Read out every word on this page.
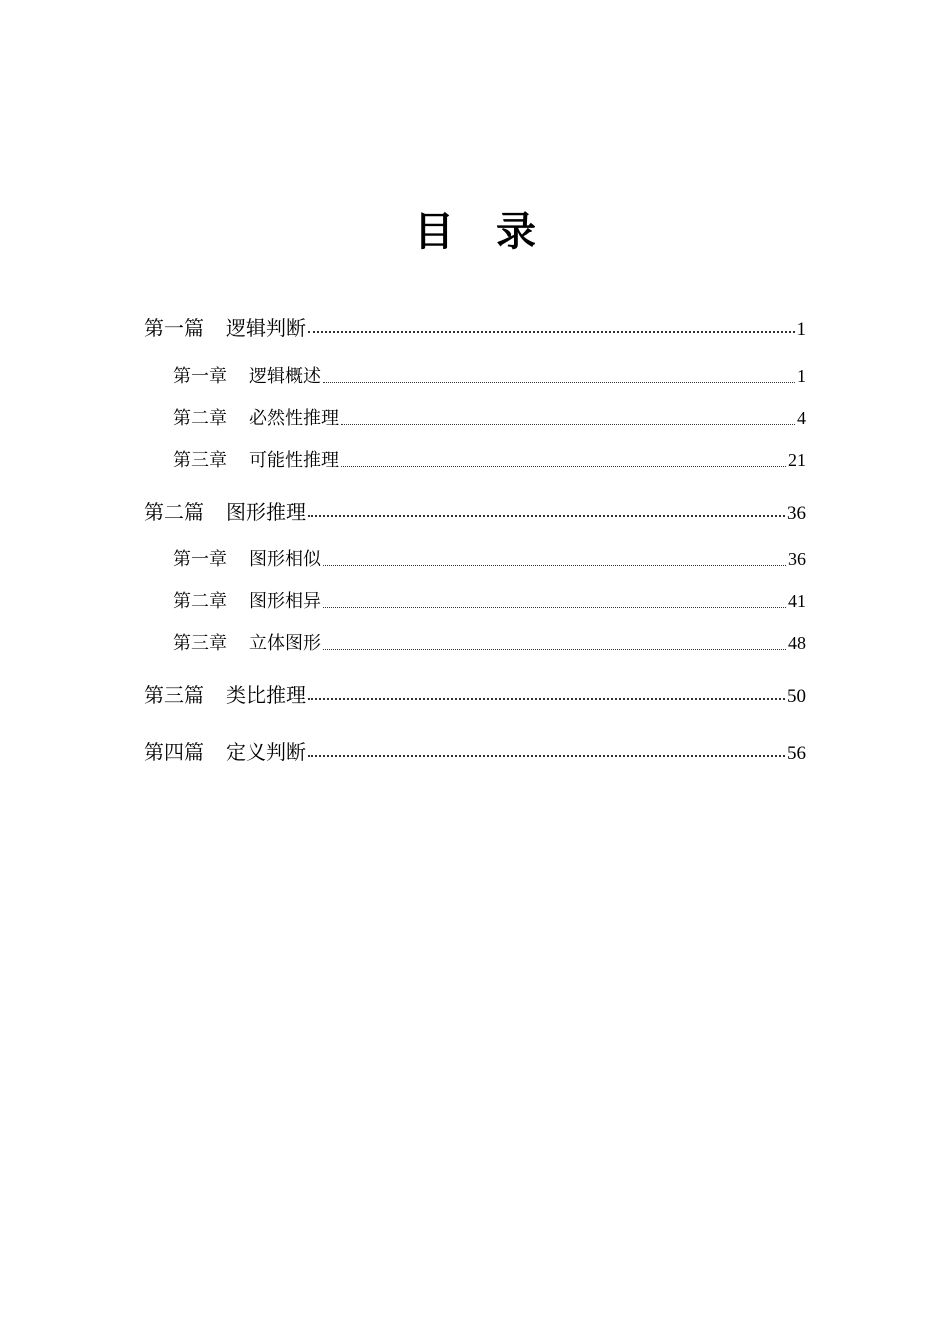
目 录
第一篇 逻辑判断	1
第一章 逻辑概述	1
第二章 必然性推理	4
第三章 可能性推理	21
第二篇 图形推理	36
第一章 图形相似	36
第二章 图形相异	41
第三章 立体图形	48
第三篇 类比推理	50
第四篇 定义判断	56
